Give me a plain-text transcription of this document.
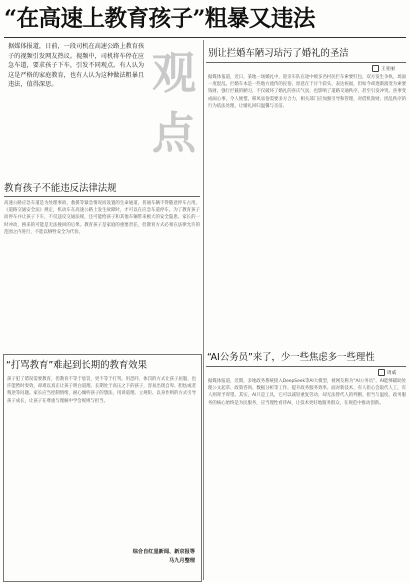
“在高速上教育孩子”粗暴又违法
观点
据媒体报道，日前，一段司机在高速公路上教育孩子的视频引发网友热议。视频中，司机将车停在应急车道，要求孩子下车，引发不同观点。有人认为这是严格的家庭教育，也有人认为这种做法粗暴且违法，值得深思。
教育孩子不能违反法律法规
高速公路应急车道是为处理事故、救援等紧急情况而设置的生命通道，普通车辆不得随意停车占用。《道路交通安全法》规定，机动车在高速公路上发生故障时，才可以在应急车道停车。为了教育孩子而停车并让孩子下车，不仅违反交通法规，还可能给孩子和其他车辆带来极大的安全隐患。家长的一时冲动，换来的可能是无法挽回的后果。教育孩子是家庭的重要责任，但教育方式必须在法律允许的范围之内进行，不能以牺牲安全为代价。
“打骂教育”难起到长期的教育效果
孩子犯了错误需要教育，但教育不等于惩罚，更不等于打骂。用恐吓、体罚的方式让孩子屈服，也许能暂时奏效，却难以真正让孩子明白道理。长期处于高压之下的孩子，容易出现自卑、胆怯或者叛逆等问题。家长应当控制情绪，耐心倾听孩子的想法，用讲道理、立规矩、以身作则的方式引导孩子成长，让孩子在尊重与理解中学会规则与担当。
综合自红星新闻、新京报等
马九月整理
别让拦婚车陋习玷污了婚礼的圣洁
王亚丽
据媒体报道，近日，某地一场婚礼中，迎亲车队在途中被多名村民拦车索要红包，双方发生争执，场面一度混乱。拦婚车本是一些地方流传的民俗，原意在于讨个彩头、表达祝福，但如今却逐渐演变为索要钱财、强行拦截的陋习，不仅破坏了婚礼的喜庆气氛，也影响了道路交通秩序，甚至引发冲突。喜事变成闹心事，令人惋惜。移风易俗需要多方合力，相关部门应加强引导和管理，对借机敛财、扰乱秩序的行为依法处理，让婚礼回归温馨与圣洁。
“AI公务员”来了，少一些焦虑多一些理性
周威
据媒体报道，近期，多地政务系统接入DeepSeek等AI大模型，被网友称为“AI公务员”。AI能够辅助处理公文起草、政策咨询、数据分析等工作，提升政务服务效率。面对新技术，有人担心会取代人工，有人则寄予厚望。其实，AI只是工具，它可以减轻重复劳动，却无法替代人的判断、担当与温度。政务服务的核心始终是为民服务，应当理性看待AI，让技术更好地服务群众，在规范中推动创新。
